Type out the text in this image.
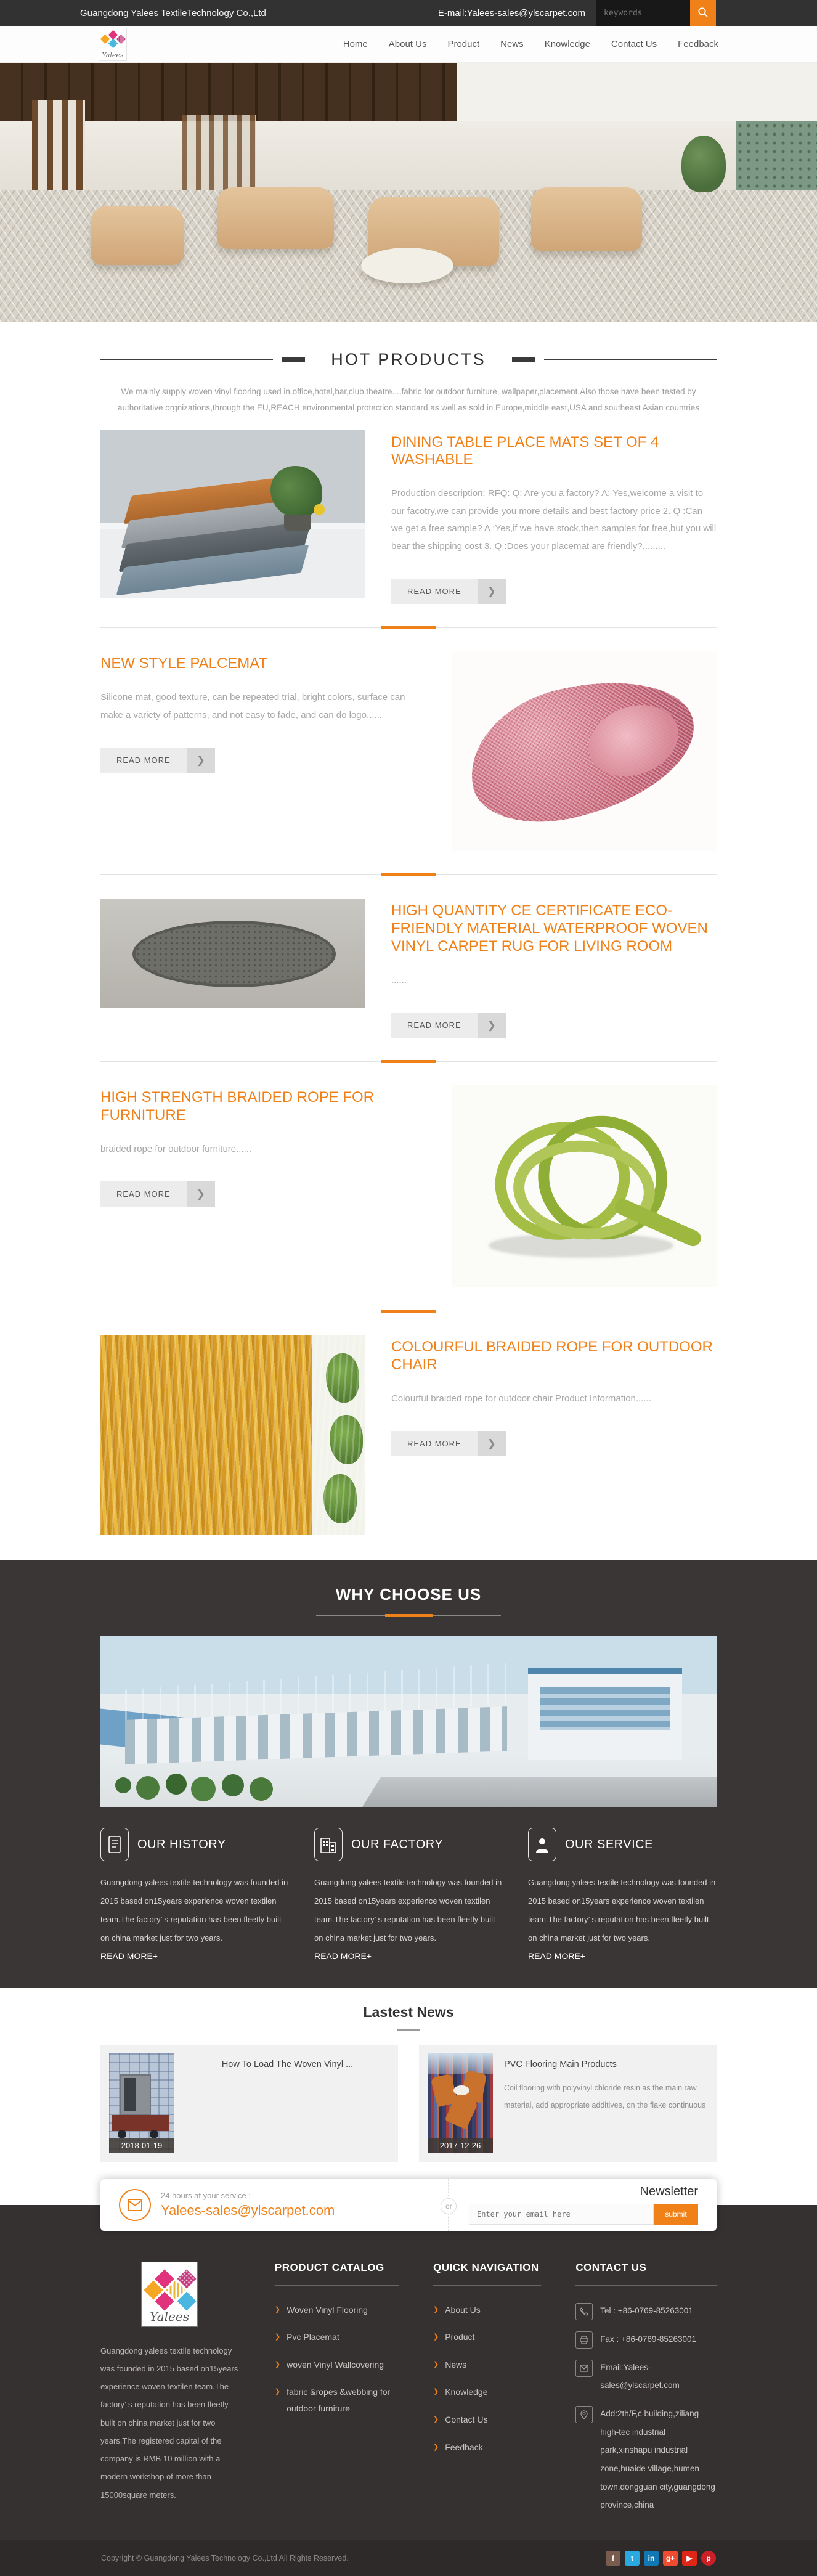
Guangdong Yalees TextileTechnology Co.,Ltd	E-mail:Yalees-sales@ylscarpet.com
keywords
Yalees
Home About Us Product News Knowledge Contact Us Feedback
HOT PRODUCTS

We mainly supply woven vinyl flooring used in office,hotel,bar,club,theatre...,fabric for outdoor furniture, wallpaper,placement.Also those have been tested by authoritative orgnizations,through the EU,REACH environmental protection standard.as well as sold in Europe,middle east,USA and southeast Asian countries

DINING TABLE PLACE MATS SET OF 4 WASHABLE

Production description: RFQ: Q: Are you a factory? A: Yes,welcome a visit to our facotry,we can provide you more details and best factory price 2. Q :Can we get a free sample? A :Yes,if we have stock,then samples for free,but you will bear the shipping cost 3. Q :Does your placemat are friendly?.........

READ MORE	❯
NEW STYLE PALCEMAT

Silicone mat, good texture, can be repeated trial, bright colors, surface can make a variety of patterns, and not easy to fade, and can do logo......

READ MORE	❯
HIGH QUANTITY CE CERTIFICATE ECO-FRIENDLY MATERIAL WATERPROOF WOVEN VINYL CARPET RUG FOR LIVING ROOM

......

READ MORE	❯
HIGH STRENGTH BRAIDED ROPE FOR FURNITURE

braided rope for outdoor furniture......

READ MORE	❯
COLOURFUL BRAIDED ROPE FOR OUTDOOR CHAIR

Colourful braided rope for outdoor chair Product Information......

READ MORE	❯
WHY CHOOSE US
OUR HISTORY

Guangdong yalees textile technology was founded in 2015 based on15years experience woven textilen team.The factory’ s reputation has been fleetly built on china market just for two years.

READ MORE+
OUR FACTORY

Guangdong yalees textile technology was founded in 2015 based on15years experience woven textilen team.The factory’ s reputation has been fleetly built on china market just for two years.

READ MORE+
OUR SERVICE

Guangdong yalees textile technology was founded in 2015 based on15years experience woven textilen team.The factory’ s reputation has been fleetly built on china market just for two years.

READ MORE+
Lastest News
2018-01-19
How To Load The Woven Vinyl ...

2017-12-26
PVC Flooring Main Products

Coil flooring with polyvinyl chloride resin as the main raw material, add appropriate additives, on the flake continuous

24 hours at your service :
Yalees-sales@ylscarpet.com	or
Newsletter
Enter your email here
submit
Yalees

Guangdong yalees textile technology was founded in 2015 based on15years experience woven textilen team.The factory’ s reputation has been fleetly built on china market just for two years.The registered capital of the company is RMB 10 million with a modern workshop of more than 15000square meters.

PRODUCT CATALOG
❯ Woven Vinyl Flooring
❯ Pvc Placemat
❯ woven Vinyl Wallcovering
❯ fabric &ropes &webbing for outdoor furniture
QUICK NAVIGATION
❯ About Us
❯ Product
❯ News
❯ Knowledge
❯ Contact Us
❯ Feedback
CONTACT US
Tel : +86-0769-85263001
Fax : +86-0769-85263001
Email:Yalees-sales@ylscarpet.com
Add:2th/F,c building,ziliang high-tec industrial park,xinshapu industrial zone,huaide village,humen town,dongguan city,guangdong province,china
Copyright © Guangdong Yalees Technology Co.,Ltd All Rights Reserved.	f	t	in	g+	▶	p
